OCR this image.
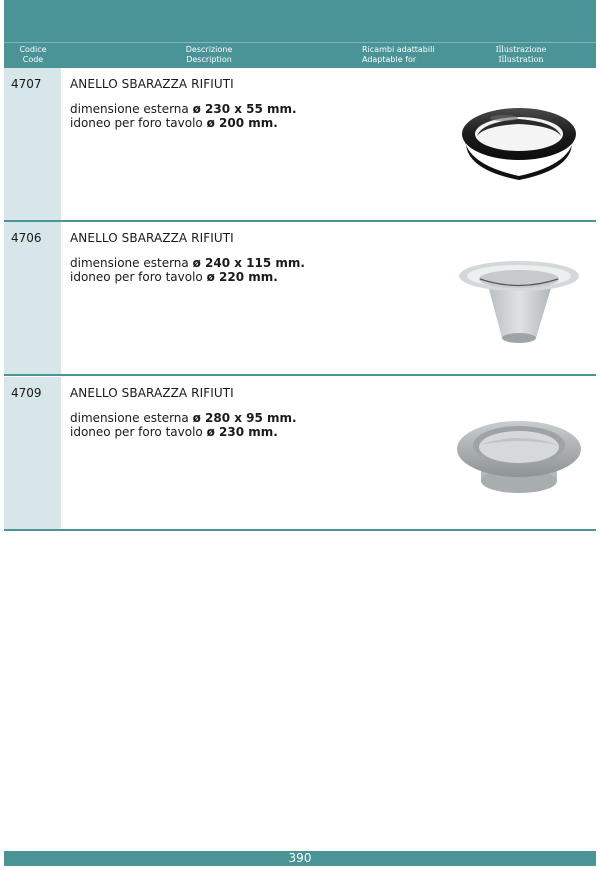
Codice
Code
Descrizione
Description
Ricambi adattabili
Adaptable for
Illustrazione
Illustration
4707 ANELLO SBARAZZA RIFIUTI
dimensione esterna ø 230 x 55 mm.
idoneo per foro tavolo ø 200 mm.
4706 ANELLO SBARAZZA RIFIUTI
dimensione esterna ø 240 x 115 mm.
idoneo per foro tavolo ø 220 mm.
4709 ANELLO SBARAZZA RIFIUTI
dimensione esterna ø 280 x 95 mm.
idoneo per foro tavolo ø 230 mm.
390
